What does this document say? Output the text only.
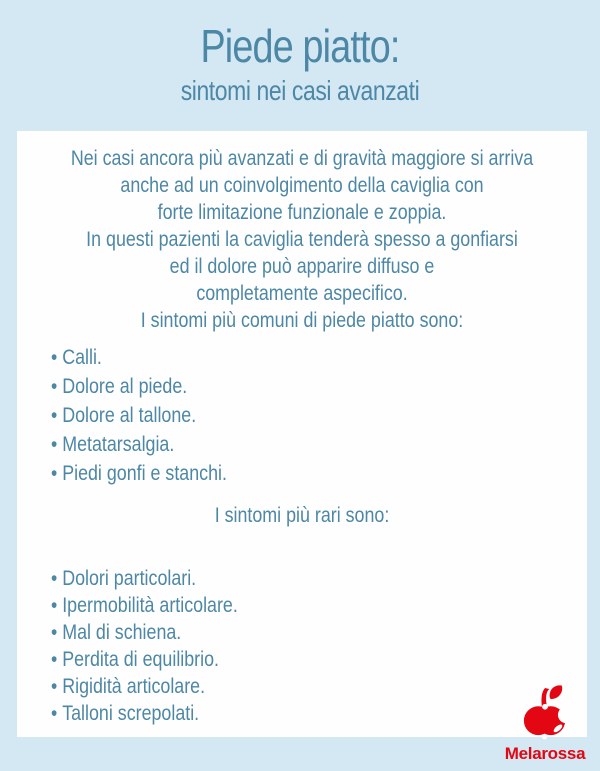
Piede piatto:
sintomi nei casi avanzati
Nei casi ancora più avanzati e di gravità maggiore si arriva
anche ad un coinvolgimento della caviglia con
forte limitazione funzionale e zoppia.
In questi pazienti la caviglia tenderà spesso a gonfiarsi
ed il dolore può apparire diffuso e
completamente aspecifico.
I sintomi più comuni di piede piatto sono:
• Calli.
• Dolore al piede.
• Dolore al tallone.
• Metatarsalgia.
• Piedi gonfi e stanchi.
I sintomi più rari sono:
• Dolori particolari.
• Ipermobilità articolare.
• Mal di schiena.
• Perdita di equilibrio.
• Rigidità articolare.
• Talloni screpolati.
Melarossa
